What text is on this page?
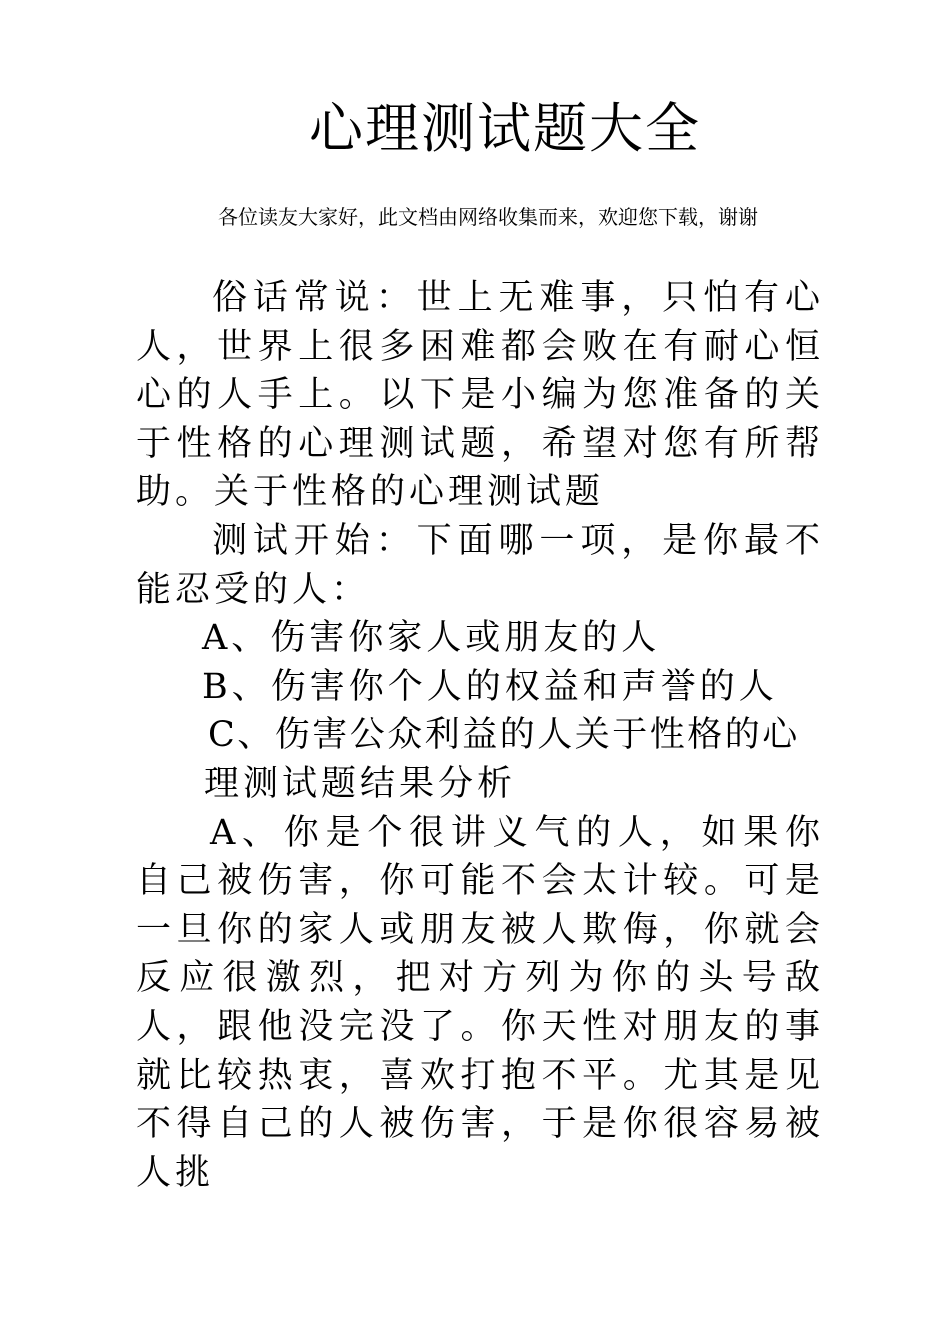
心理测试题大全
各位读友大家好，此文档由网络收集而来，欢迎您下载，谢谢

俗话常说：世上无难事，只怕有心人，世界上很多困难都会败在有耐心恒心的人手上。以下是小编为您准备的关于性格的心理测试题，希望对您有所帮助。关于性格的心理测试题

测试开始：下面哪一项，是你最不能忍受的人：

A、伤害你家人或朋友的人

B、伤害你个人的权益和声誉的人

C、伤害公众利益的人关于性格的心

理测试题结果分析

A、你是个很讲义气的人，如果你自己被伤害，你可能不会太计较。可是一旦你的家人或朋友被人欺侮，你就会反应很激烈，把对方列为你的头号敌人，跟他没完没了。你天性对朋友的事就比较热衷，喜欢打抱不平。尤其是见不得自己的人被伤害，于是你很容易被人挑
